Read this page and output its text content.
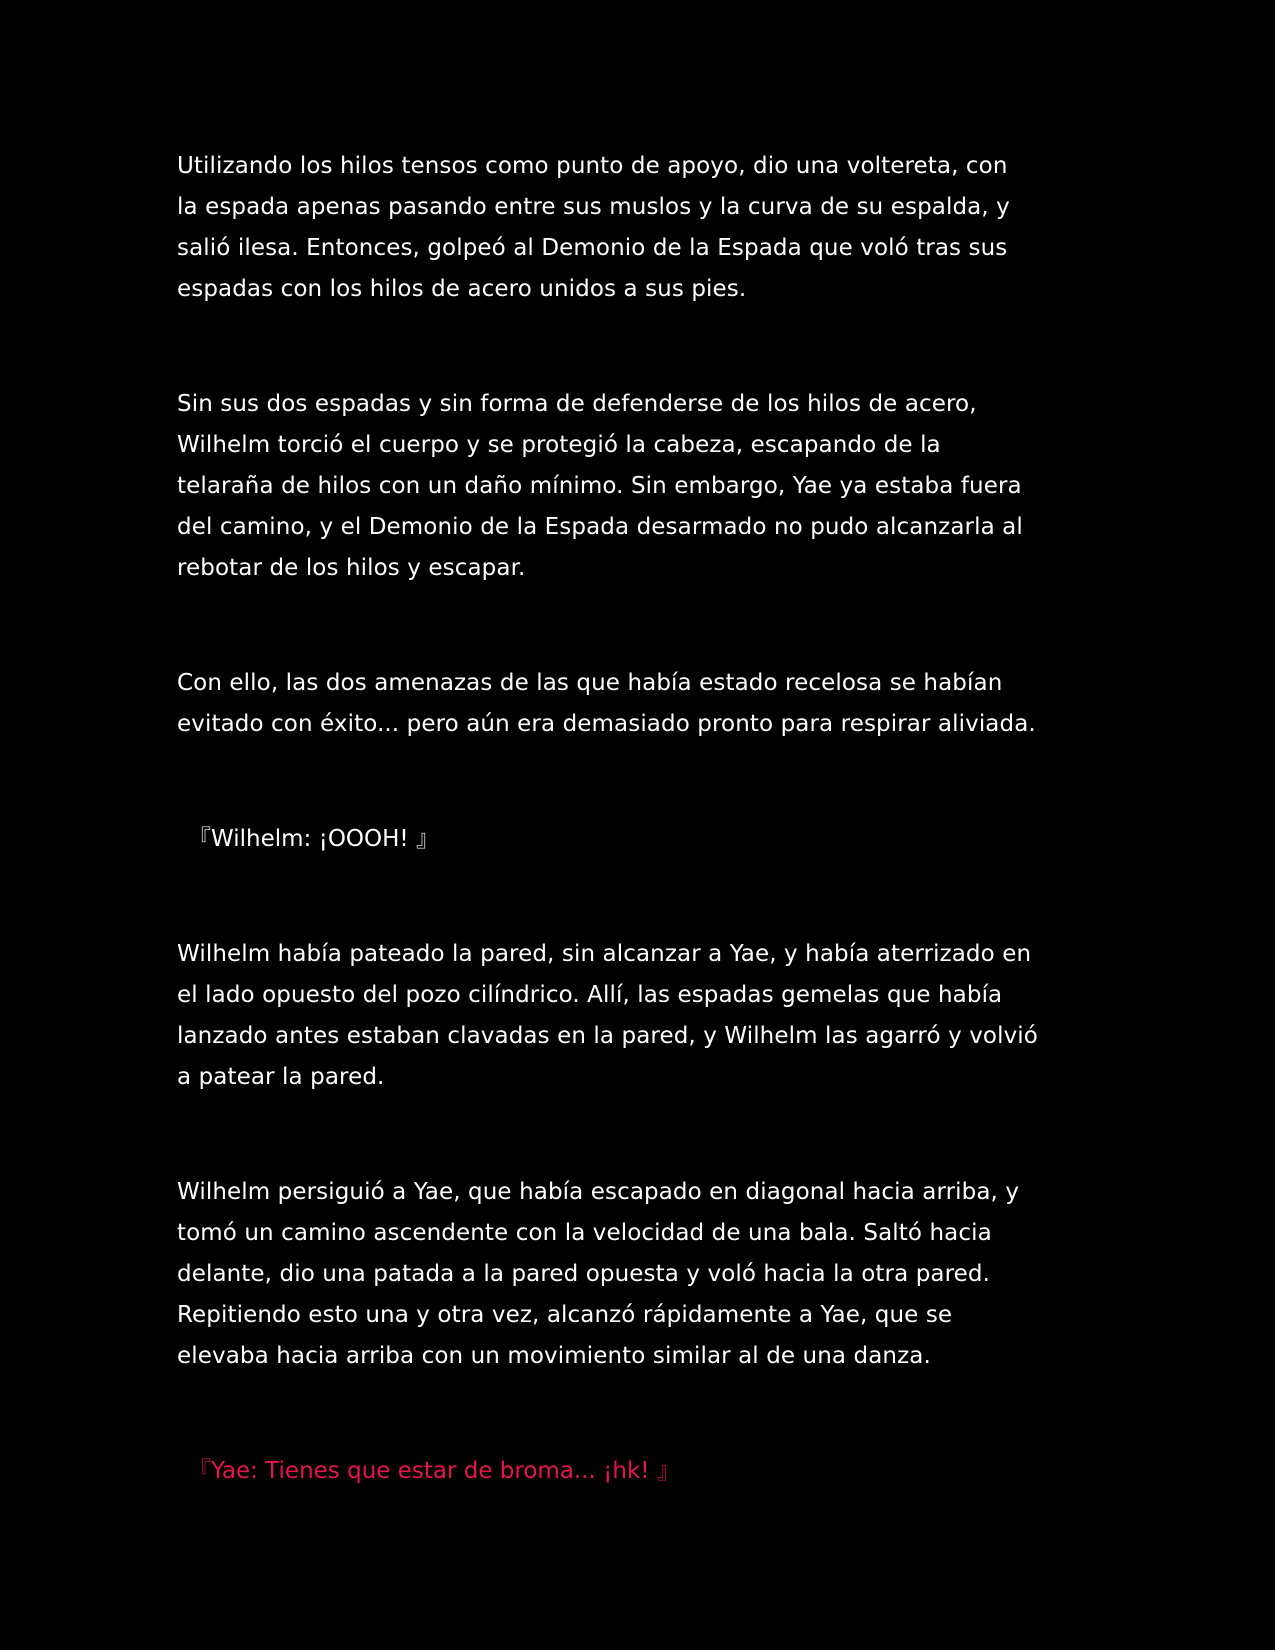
Utilizando los hilos tensos como punto de apoyo, dio una voltereta, con
la espada apenas pasando entre sus muslos y la curva de su espalda, y
salió ilesa. Entonces, golpeó al Demonio de la Espada que voló tras sus
espadas con los hilos de acero unidos a sus pies.

Sin sus dos espadas y sin forma de defenderse de los hilos de acero,
Wilhelm torció el cuerpo y se protegió la cabeza, escapando de la
telaraña de hilos con un daño mínimo. Sin embargo, Yae ya estaba fuera
del camino, y el Demonio de la Espada desarmado no pudo alcanzarla al
rebotar de los hilos y escapar.

Con ello, las dos amenazas de las que había estado recelosa se habían
evitado con éxito... pero aún era demasiado pronto para respirar aliviada.

『Wilhelm: ¡OOOH! 』

Wilhelm había pateado la pared, sin alcanzar a Yae, y había aterrizado en
el lado opuesto del pozo cilíndrico. Allí, las espadas gemelas que había
lanzado antes estaban clavadas en la pared, y Wilhelm las agarró y volvió
a patear la pared.

Wilhelm persiguió a Yae, que había escapado en diagonal hacia arriba, y
tomó un camino ascendente con la velocidad de una bala. Saltó hacia
delante, dio una patada a la pared opuesta y voló hacia la otra pared.
Repitiendo esto una y otra vez, alcanzó rápidamente a Yae, que se
elevaba hacia arriba con un movimiento similar al de una danza.

『Yae: Tienes que estar de broma... ¡hk! 』
